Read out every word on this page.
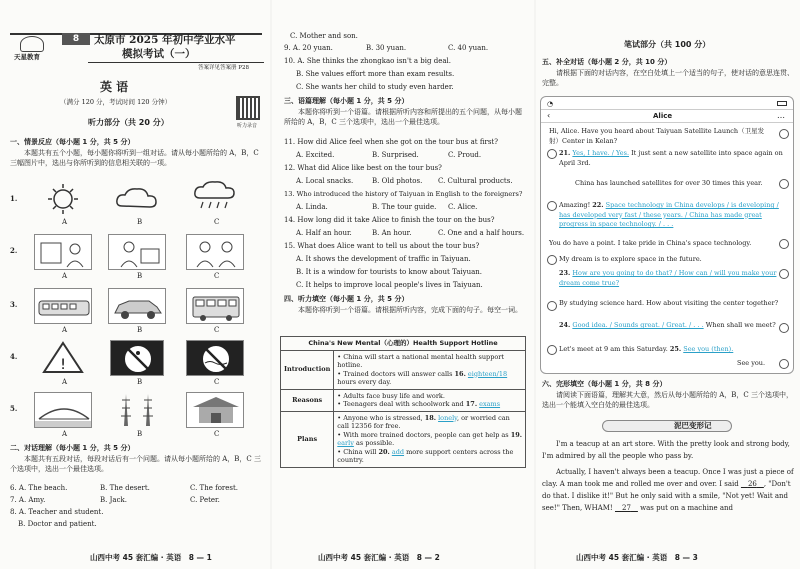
8
天星教育
太原市 2025 年初中学业水平
模拟考试（一）
答案详见答案册 P28
英 语
（满分 120 分，考试时间 120 分钟）
听力录音
听力部分（共 20 分）
一、情景反应（每小题 1 分，共 5 分）
本题共有五个小题，每小题你将听到一组对话。请从每小题所给的 A，B，C 三幅图片中，选出与你所听到的信息相关联的一项。
1.
2.
3.
4.
5.
A	B	C
A	B	C
A	B	C
!
A	B	C
A	B	C
二、对话理解（每小题 1 分，共 5 分）
本题共有五段对话，每段对话后有一个问题。请从每小题所给的 A，B，C 三个选项中，选出一个最佳选项。
6. A. The beach.	B. The desert.	C. The forest.
7. A. Amy.	B. Jack.	C. Peter.
8. A. Teacher and student.
B. Doctor and patient.
山西中考 45 套汇编 · 英语　8 — 1
C. Mother and son.
9. A. 20 yuan.	B. 30 yuan.	C. 40 yuan.
10. A. She thinks the zhongkao isn't a big deal.
B. She values effort more than exam results.
C. She wants her child to study even harder.
三、语篇理解（每小题 1 分，共 5 分）
本题你将听到一个语篇。请根据所听内容和所提出的五个问题，从每小题所给的 A，B，C 三个选项中，选出一个最佳选项。
11. How did Alice feel when she got on the tour bus at first?
A. Excited.	B. Surprised.	C. Proud.
12. What did Alice like best on the tour bus?
A. Local snacks.	B. Old photos. C. Cultural products.
13. Who introduced the history of Taiyuan in English to the foreigners?
A. Linda.	B. The tour guide. C. Alice.
14. How long did it take Alice to finish the tour on the bus?
A. Half an hour.	B. An hour.	C. One and a half hours.
15. What does Alice want to tell us about the tour bus?
A. It shows the development of traffic in Taiyuan.
B. It is a window for tourists to know about Taiyuan.
C. It helps to improve local people's lives in Taiyuan.
四、听力填空（每小题 1 分，共 5 分）
本题你将听到一个语篇。请根据所听内容，完成下面的句子。每空一词。
China's New Mental（心理的）Health Support Hotline	
Introduction	• China will start a national mental health support hotline.
• Trained doctors will answer calls 16. eighteen/18 hours every day.

Reasons	• Adults face busy life and work.
• Teenagers deal with schoolwork and 17. exams

Plans	• Anyone who is stressed, 18. lonely, or worried can call 12356 for free.
• With more trained doctors, people can get help as 19. early as possible.
• China will 20. add more support centers across the country.
山西中考 45 套汇编 · 英语　8 — 2
笔试部分（共 100 分）
五、补全对话（每小题 2 分，共 10 分）
请根据下面的对话内容，在空白处填上一个适当的句子，使对话的意思连贯、完整。
◔
‹	Alice	…
Hi, Alice. Have you heard about Taiyuan Satellite Launch（卫星发射）Center in Kelan?
21. Yes, I have. / Yes. It just sent a new satellite into space again on April 3rd.
China has launched satellites for over 30 times this year.
Amazing! 22. Space technology in China develops / is developing / has developed very fast / these years. / China has made great progress in space technology. / . . .
You do have a point. I take pride in China's space technology.
My dream is to explore space in the future.
23. How are you going to do that? / How can / will you make your dream come true?
By studying science hard. How about visiting the center together?
24. Good idea. / Sounds great. / Great. / . . . When shall we meet?
Let's meet at 9 am this Saturday. 25. See you (then).
See you.
六、完形填空（每小题 1 分，共 8 分）
请阅读下面语篇，理解其大意，然后从每小题所给的 A，B，C 三个选项中，选出一个能填入空白处的最佳选项。
泥巴变形记
I'm a teacup at an art store. With the pretty look and strong body, I'm admired by all the people who pass by.
Actually, I haven't always been a teacup. Once I was just a piece of clay. A man took me and rolled me over and over. I said 　26　 , "Don't do that. I dislike it!" But he only said with a smile, "Not yet! Wait and see!" Then, WHAM! 　27　 was put on a machine and
山西中考 45 套汇编 · 英语　8 — 3
